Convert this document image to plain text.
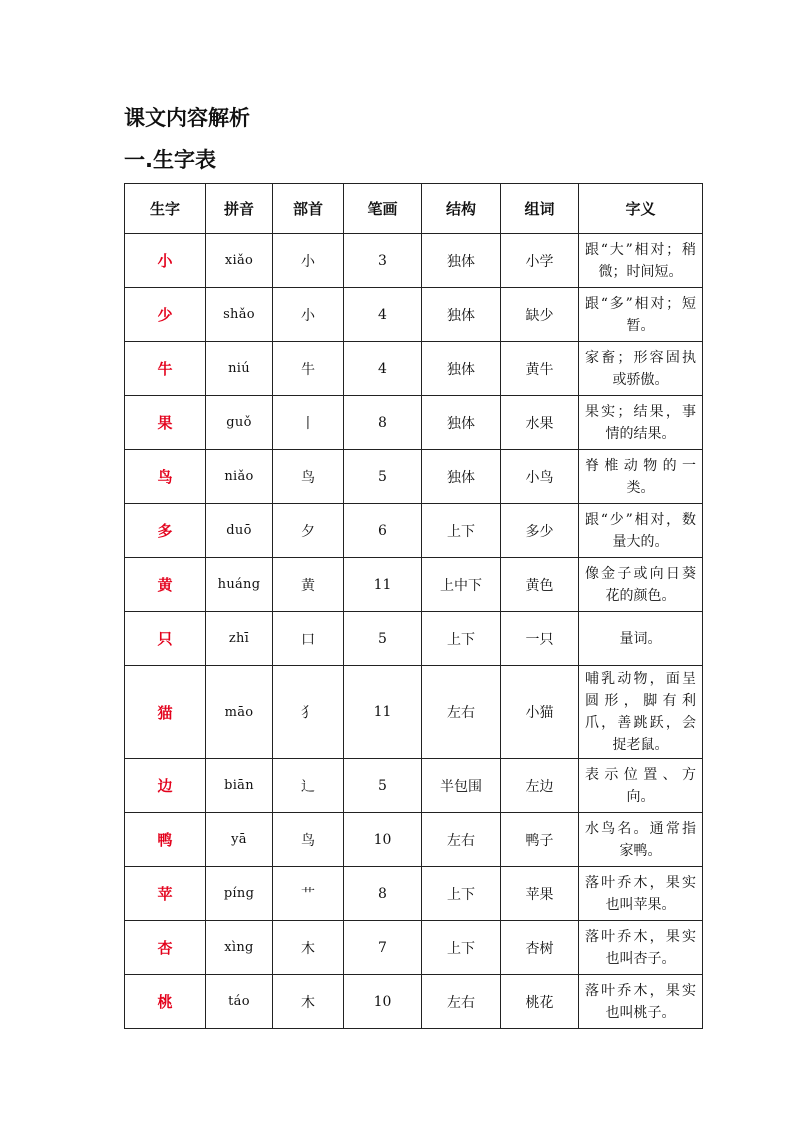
课文内容解析
一.生字表
生字	拼音	部首	笔画	结构	组词	字义
小	xiǎo	小	3	独体	小学	跟“大”相对；稍微；时间短。
少	shǎo	小	4	独体	缺少	跟“多”相对；短暂。
牛	niú	牛	4	独体	黄牛	家畜；形容固执或骄傲。
果	guǒ	丨	8	独体	水果	果实；结果，事情的结果。
鸟	niǎo	鸟	5	独体	小鸟	脊椎动物的一类。
多	duō	夕	6	上下	多少	跟“少”相对，数量大的。
黄	huáng	黄	11	上中下	黄色	像金子或向日葵花的颜色。
只	zhī	口	5	上下	一只	量词。
猫	māo	犭	11	左右	小猫	哺乳动物，面呈圆形，脚有利爪，善跳跃，会捉老鼠。
边	biān	辶	5	半包围	左边	表示位置、方向。
鸭	yā	鸟	10	左右	鸭子	水鸟名。通常指家鸭。
苹	píng	艹	8	上下	苹果	落叶乔木，果实也叫苹果。
杏	xìng	木	7	上下	杏树	落叶乔木，果实也叫杏子。
桃	táo	木	10	左右	桃花	落叶乔木，果实也叫桃子。
